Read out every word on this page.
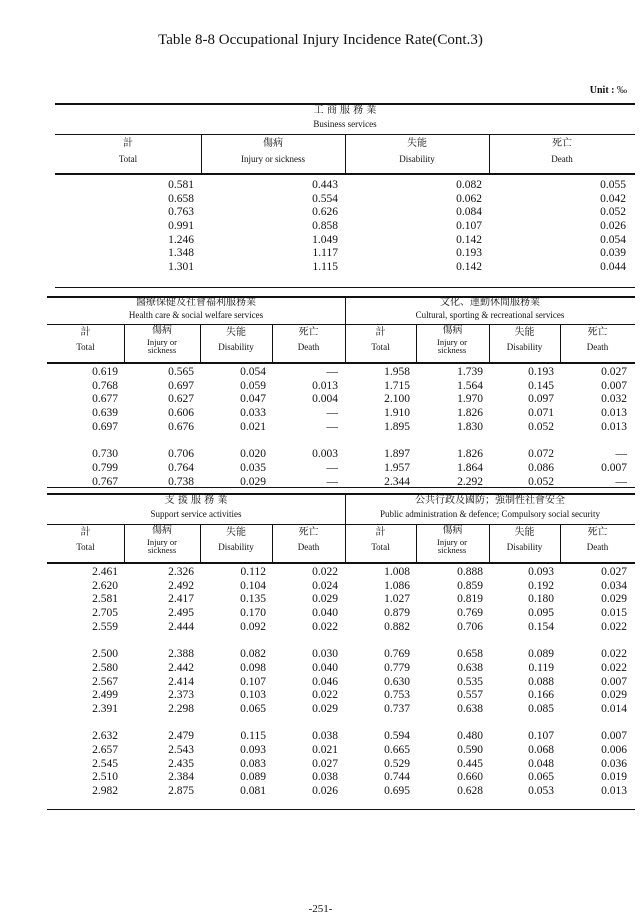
Table 8-8 Occupational Injury Incidence Rate(Cont.3)
Unit : ‰
工 商 服 務 業
Business services
計
Total
傷病
Injury or sickness
失能
Disability
死亡
Death
0.581
0.658
0.763
0.991
1.246
1.348
1.301
0.443
0.554
0.626
0.858
1.049
1.117
1.115
0.082
0.062
0.084
0.107
0.142
0.193
0.142
0.055
0.042
0.052
0.026
0.054
0.039
0.044
醫療保健及社會福利服務業
Health care & social welfare services
文化、運動休閒服務業
Cultural, sporting & recreational services
計
Total
傷病
Injury or sickness
失能
Disability
死亡
Death
計
Total
傷病
Injury or sickness
失能
Disability
死亡
Death
0.619
0.768
0.677
0.639
0.697
0.730
0.799
0.767
0.565
0.697
0.627
0.606
0.676
0.706
0.764
0.738
0.054
0.059
0.047
0.033
0.021
0.020
0.035
0.029
—
0.013
0.004
—
—
0.003
—
—
1.958
1.715
2.100
1.910
1.895
1.897
1.957
2.344
1.739
1.564
1.970
1.826
1.830
1.826
1.864
2.292
0.193
0.145
0.097
0.071
0.052
0.072
0.086
0.052
0.027
0.007
0.032
0.013
0.013
—
0.007
—
支 援 服 務 業
Support service activities
公共行政及國防；強制性社會安全
Public administration & defence; Compulsory social security
計
Total
傷病
Injury or sickness
失能
Disability
死亡
Death
計
Total
傷病
Injury or sickness
失能
Disability
死亡
Death
2.461
2.620
2.581
2.705
2.559
2.500
2.580
2.567
2.499
2.391
2.632
2.657
2.545
2.510
2.982
2.326
2.492
2.417
2.495
2.444
2.388
2.442
2.414
2.373
2.298
2.479
2.543
2.435
2.384
2.875
0.112
0.104
0.135
0.170
0.092
0.082
0.098
0.107
0.103
0.065
0.115
0.093
0.083
0.089
0.081
0.022
0.024
0.029
0.040
0.022
0.030
0.040
0.046
0.022
0.029
0.038
0.021
0.027
0.038
0.026
1.008
1.086
1.027
0.879
0.882
0.769
0.779
0.630
0.753
0.737
0.594
0.665
0.529
0.744
0.695
0.888
0.859
0.819
0.769
0.706
0.658
0.638
0.535
0.557
0.638
0.480
0.590
0.445
0.660
0.628
0.093
0.192
0.180
0.095
0.154
0.089
0.119
0.088
0.166
0.085
0.107
0.068
0.048
0.065
0.053
0.027
0.034
0.029
0.015
0.022
0.022
0.022
0.007
0.029
0.014
0.007
0.006
0.036
0.019
0.013
-251-
